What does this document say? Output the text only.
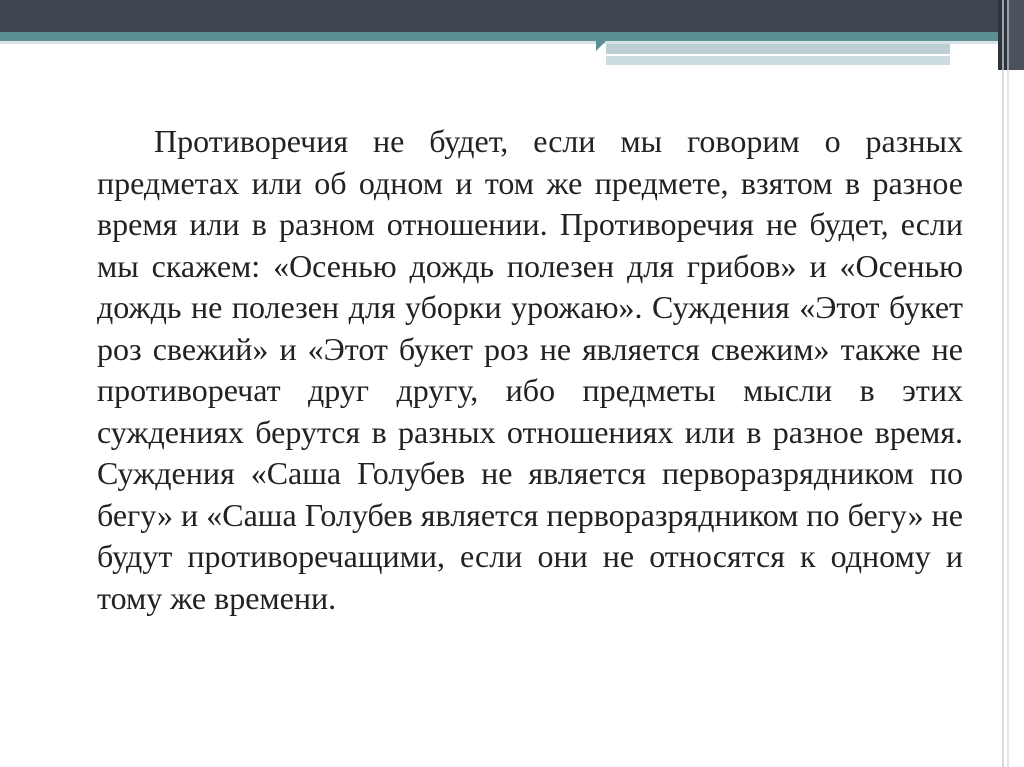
Противоречия не будет, если мы говорим о разных предметах или об одном и том же предмете, взятом в разное время или в разном отношении. Противоречия не будет, если мы скажем: «Осенью дождь полезен для грибов» и «Осенью дождь не полезен для уборки урожаю». Суждения «Этот букет роз свежий» и «Этот букет роз не является свежим» также не противоречат друг другу, ибо предметы мысли в этих суждениях берутся в разных отношениях или в разное время. Суждения «Саша Голубев не является перворазрядником по бегу» и «Саша Голубев является перворазрядником по бегу» не будут противоречащими, если они не относятся к одному и тому же времени.
